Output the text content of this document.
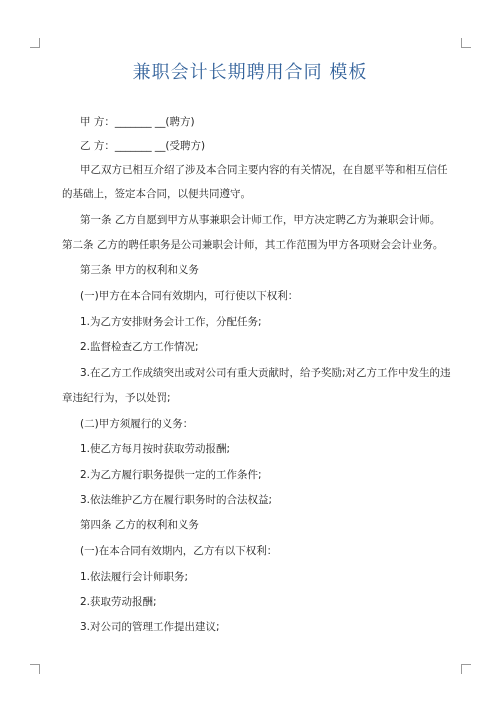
兼职会计长期聘用合同 模板
甲 方：_______ __(聘方)
乙 方：_______ __(受聘方)
甲乙双方已相互介绍了涉及本合同主要内容的有关情况，在自愿平等和相互信任
的基础上，签定本合同，以便共同遵守。
第一条 乙方自愿到甲方从事兼职会计师工作，甲方决定聘乙方为兼职会计师。
第二条 乙方的聘任职务是公司兼职会计师，其工作范围为甲方各项财会会计业务。
第三条 甲方的权利和义务
(一)甲方在本合同有效期内，可行使以下权利：
1.为乙方安排财务会计工作，分配任务;
2.监督检查乙方工作情况;
3.在乙方工作成绩突出或对公司有重大贡献时，给予奖励;对乙方工作中发生的违
章违纪行为，予以处罚;
(二)甲方须履行的义务：
1.使乙方每月按时获取劳动报酬;
2.为乙方履行职务提供一定的工作条件;
3.依法维护乙方在履行职务时的合法权益;
第四条 乙方的权利和义务
(一)在本合同有效期内，乙方有以下权利：
1.依法履行会计师职务;
2.获取劳动报酬;
3.对公司的管理工作提出建议;
